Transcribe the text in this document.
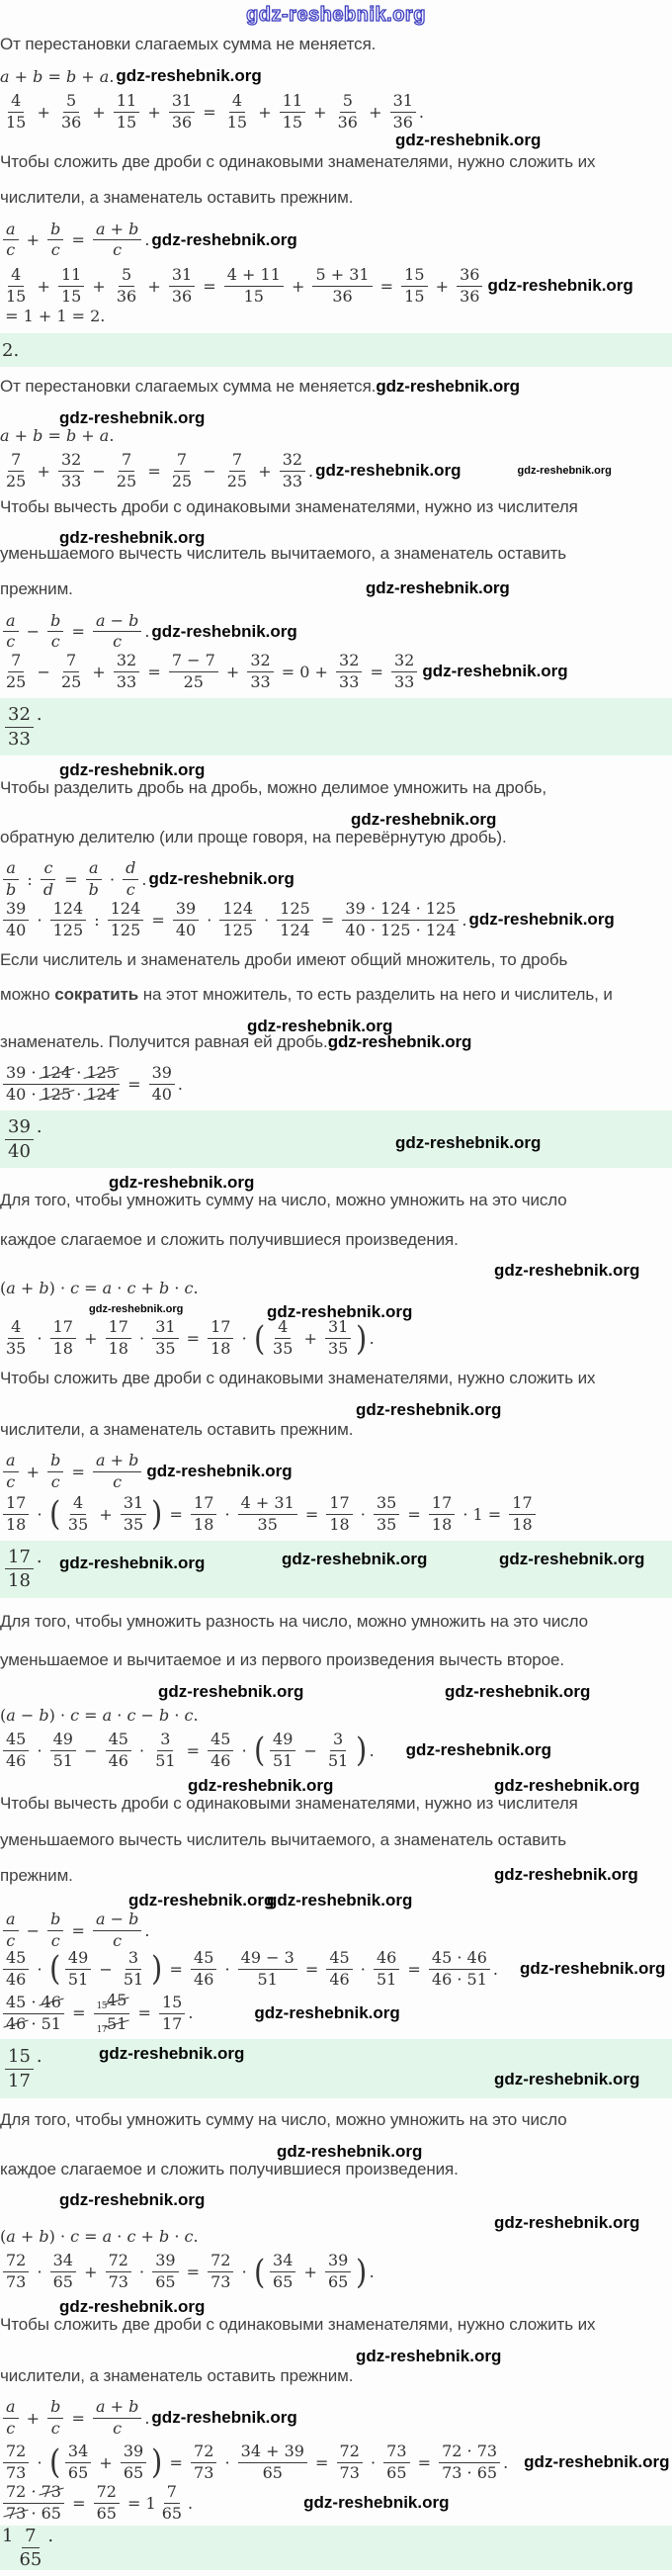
gdz-reshebnik.org

От перестановки слагаемых сумма не меняется.

a + b = b + a. gdz-reshebnik.org
$\frac{4}{15} + \frac{5}{36} + \frac{11}{15} + \frac{31}{36} = \frac{4}{15} + \frac{11}{15} + \frac{5}{36} + \frac{31}{36}$ .
gdz-reshebnik.org

Чтобы сложить две дроби с одинаковыми знаменателями, нужно сложить их

числители, а знаменатель оставить прежним.

$\frac{a}{c} + \frac{b}{c} = \frac{a + b}{c}$ . gdz-reshebnik.org
$\frac{4}{15} + \frac{11}{15} + \frac{5}{36} + \frac{31}{36} = \frac{4 + 11}{15} + \frac{5 + 31}{36} = \frac{15}{15} + \frac{36}{36}$ gdz-reshebnik.org
= 1 + 1 = 2.
2.

От перестановки слагаемых сумма не меняется.gdz-reshebnik.org

gdz-reshebnik.org
a + b = b + a.
$\frac{7}{25} + \frac{32}{33} - \frac{7}{25} = \frac{7}{25} - \frac{7}{25} + \frac{32}{33}$ . gdz-reshebnik.org	gdz-reshebnik.org

Чтобы вычесть дроби с одинаковыми знаменателями, нужно из числителя

gdz-reshebnik.org

уменьшаемого вычесть числитель вычитаемого, а знаменатель оставить

прежним.	gdz-reshebnik.org

$\frac{a}{c} - \frac{b}{c} = \frac{a - b}{c}$ . gdz-reshebnik.org
$\frac{7}{25} - \frac{7}{25} + \frac{32}{33} = \frac{7 - 7}{25} + \frac{32}{33} = 0 + \frac{32}{33} = \frac{32}{33}$ gdz-reshebnik.org
$\frac{32}{33}$ .
gdz-reshebnik.org

Чтобы разделить дробь на дробь, можно делимое умножить на дробь,

gdz-reshebnik.org

обратную делителю (или проще говоря, на перевёрнутую дробь).

$\frac{a}{b}$ : $\frac{c}{d} = \frac{a}{b} \cdot \frac{d}{c}$ . gdz-reshebnik.org
$\frac{39}{40} \cdot \frac{124}{125}$ : $\frac{124}{125} = \frac{39}{40} \cdot \frac{124}{125} \cdot \frac{125}{124} = \frac{39 \cdot 124 \cdot 125}{40 \cdot 125 \cdot 124}$ . gdz-reshebnik.org

Если числитель и знаменатель дроби имеют общий множитель, то дробь

можно сократить на этот множитель, то есть разделить на него и числитель, и

gdz-reshebnik.org

знаменатель. Получится равная ей дробь.gdz-reshebnik.org

$\frac{39 \cdot 124 \cdot 125}{40 \cdot 125 \cdot 124} = \frac{39}{40}$ .
$\frac{39}{40}$ .
gdz-reshebnik.org
gdz-reshebnik.org

Для того, чтобы умножить сумму на число, можно умножить на это число

каждое слагаемое и сложить получившиеся произведения.

gdz-reshebnik.org
(a + b) · c = a · c + b · c.
gdz-reshebnik.org	gdz-reshebnik.org
$\frac{4}{35} \cdot \frac{17}{18} + \frac{17}{18} \cdot \frac{31}{35} = \frac{17}{18}$ · ( $\frac{4}{35} + \frac{31}{35}$ ) .

Чтобы сложить две дроби с одинаковыми знаменателями, нужно сложить их

gdz-reshebnik.org

числители, а знаменатель оставить прежним.

$\frac{a}{c} + \frac{b}{c} = \frac{a + b}{c}$ gdz-reshebnik.org
$\frac{17}{18}$ · ( $\frac{4}{35} + \frac{31}{35}$ ) = $\frac{17}{18} \cdot \frac{4 + 31}{35} = \frac{17}{18} \cdot \frac{35}{35} = \frac{17}{18} \cdot 1 = \frac{17}{18}$
$\frac{17}{18}$ . gdz-reshebnik.org	gdz-reshebnik.org	gdz-reshebnik.org

Для того, чтобы умножить разность на число, можно умножить на это число

уменьшаемое и вычитаемое и из первого произведения вычесть второе.

gdz-reshebnik.org	gdz-reshebnik.org
(a − b) · c = a · c − b · c.
$\frac{45}{46} \cdot \frac{49}{51} - \frac{45}{46} \cdot \frac{3}{51} = \frac{45}{46}$ · ( $\frac{49}{51} - \frac{3}{51}$ ) . gdz-reshebnik.org
gdz-reshebnik.org	gdz-reshebnik.org

Чтобы вычесть дроби с одинаковыми знаменателями, нужно из числителя

уменьшаемого вычесть числитель вычитаемого, а знаменатель оставить

прежним.	gdz-reshebnik.org

gdz-reshebnik.org
gdz-reshebnik.org
$\frac{a}{c} - \frac{b}{c} = \frac{a - b}{c}$ .
$\frac{45}{46}$ · ( $\frac{49}{51} - \frac{3}{51}$ ) = $\frac{45}{46} \cdot \frac{49 - 3}{51} = \frac{45}{46} \cdot \frac{46}{51} = \frac{45 \cdot 46}{46 \cdot 51}$ . gdz-reshebnik.org
$\frac{45 \cdot 46}{46 \cdot 51} = \frac{1545}{1751} = \frac{15}{17}$ .	gdz-reshebnik.org
$\frac{15}{17}$ .	gdz-reshebnik.org
gdz-reshebnik.org

Для того, чтобы умножить сумму на число, можно умножить на это число

gdz-reshebnik.org

каждое слагаемое и сложить получившиеся произведения.

gdz-reshebnik.org
gdz-reshebnik.org
(a + b) · c = a · c + b · c.
$\frac{72}{73} \cdot \frac{34}{65} + \frac{72}{73} \cdot \frac{39}{65} = \frac{72}{73}$ · ( $\frac{34}{65} + \frac{39}{65}$ ) .
gdz-reshebnik.org

Чтобы сложить две дроби с одинаковыми знаменателями, нужно сложить их

gdz-reshebnik.org

числители, а знаменатель оставить прежним.

$\frac{a}{c} + \frac{b}{c} = \frac{a + b}{c}$ . gdz-reshebnik.org
$\frac{72}{73}$ · ( $\frac{34}{65} + \frac{39}{65}$ ) = $\frac{72}{73} \cdot \frac{34 + 39}{65} = \frac{72}{73} \cdot \frac{73}{65} = \frac{72 \cdot 73}{73 \cdot 65}$ . gdz-reshebnik.org
$\frac{72 \cdot 73}{73 \cdot 65} = \frac{72}{65} = 1 \frac{7}{65}$ .	gdz-reshebnik.org
$1 \frac{7}{65}$ .
